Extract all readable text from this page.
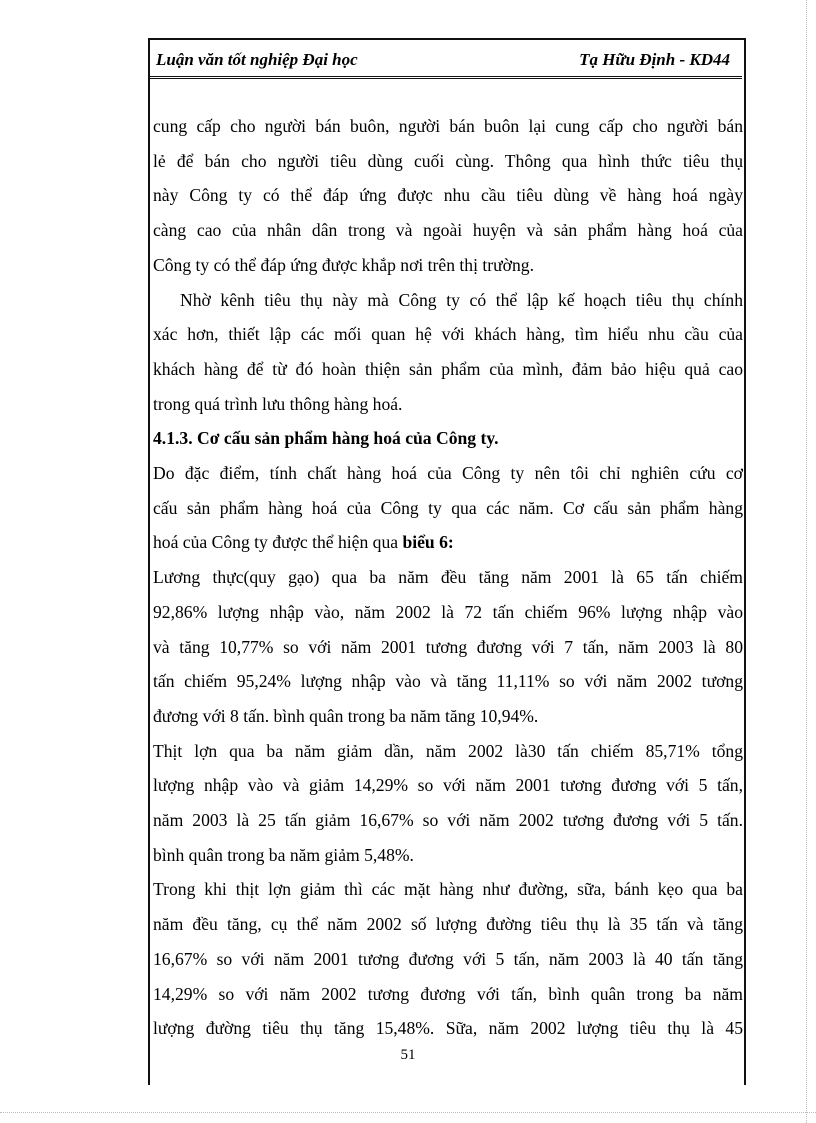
Luận văn tốt nghiệp Đại học	Tạ Hữu Định - KD44

cung cấp cho người bán buôn, người bán buôn lại cung cấp cho người bán

lẻ để bán cho người tiêu dùng cuối cùng. Thông qua hình thức tiêu thụ

này Công ty có thể đáp ứng được nhu cầu tiêu dùng về hàng hoá ngày

càng cao của nhân dân trong và ngoài huyện và sản phẩm hàng hoá của

Công ty có thể đáp ứng được khắp nơi trên thị trường.

Nhờ kênh tiêu thụ này mà Công ty có thể lập kế hoạch tiêu thụ chính

xác hơn, thiết lập các mối quan hệ với khách hàng, tìm hiểu nhu cầu của

khách hàng để từ đó hoàn thiện sản phẩm của mình, đảm bảo hiệu quả cao

trong quá trình lưu thông hàng hoá.

4.1.3. Cơ cấu sản phẩm hàng hoá của Công ty.

Do đặc điểm, tính chất hàng hoá của Công ty nên tôi chỉ nghiên cứu cơ

cấu sản phẩm hàng hoá của Công ty qua các năm. Cơ cấu sản phẩm hàng

hoá của Công ty được thể hiện qua biểu 6:

Lương thực(quy gạo) qua ba năm đều tăng năm 2001 là 65 tấn chiếm

92,86% lượng nhập vào, năm 2002 là 72 tấn chiếm 96% lượng nhập vào

và tăng 10,77% so với năm 2001 tương đương với 7 tấn, năm 2003 là 80

tấn chiếm 95,24% lượng nhập vào và tăng 11,11% so với năm 2002 tương

đương với 8 tấn. bình quân trong ba năm tăng 10,94%.

Thịt lợn qua ba năm giảm dần, năm 2002 là30 tấn chiếm 85,71% tổng

lượng nhập vào và giảm 14,29% so với năm 2001 tương đương với 5 tấn,

năm 2003 là 25 tấn giảm 16,67% so với năm 2002 tương đương với 5 tấn.

bình quân trong ba năm giảm 5,48%.

Trong khi thịt lợn giảm thì các mặt hàng như đường, sữa, bánh kẹo qua ba

năm đều tăng, cụ thể năm 2002 số lượng đường tiêu thụ là 35 tấn và tăng

16,67% so với năm 2001 tương đương với 5 tấn, năm 2003 là 40 tấn tăng

14,29% so với năm 2002 tương đương với tấn, bình quân trong ba năm

lượng đường tiêu thụ tăng 15,48%. Sữa, năm 2002 lượng tiêu thụ là 45

51
